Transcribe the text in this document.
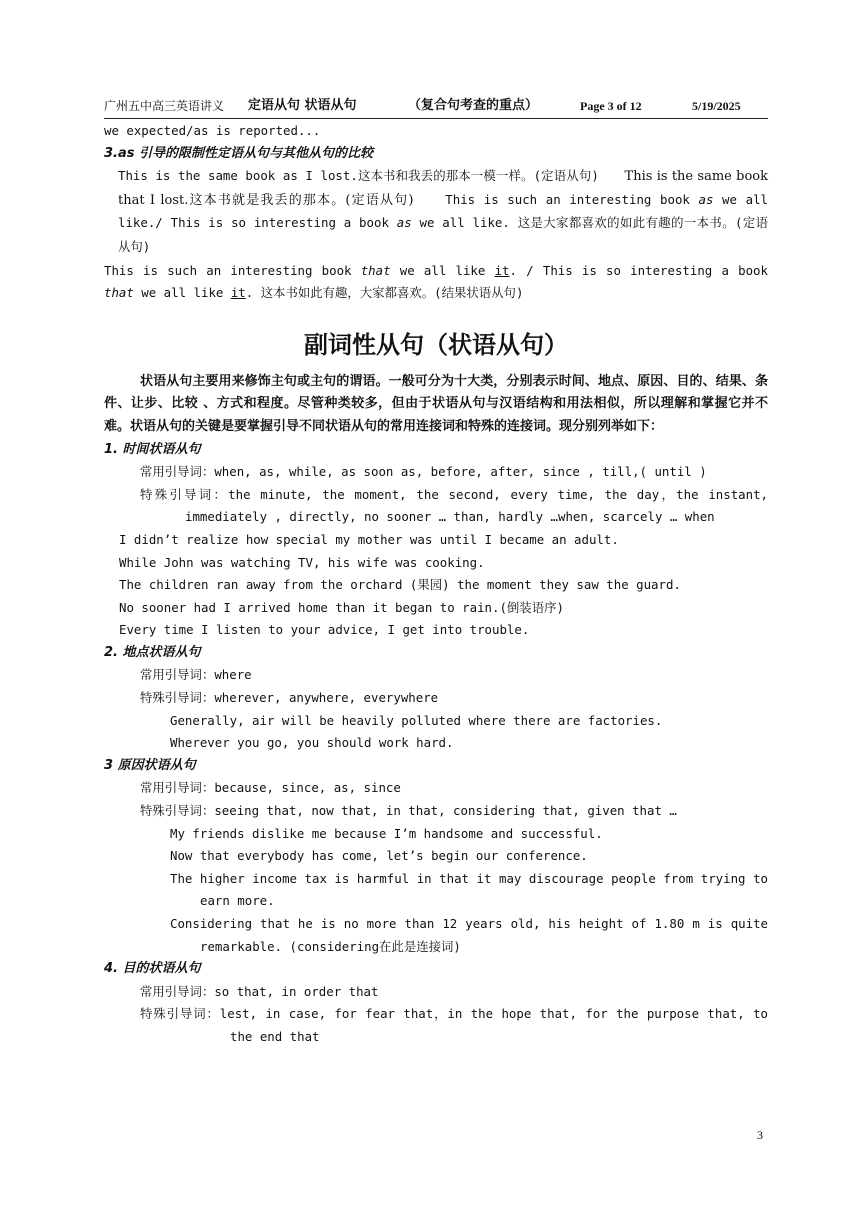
广州五中高三英语讲义 定语从句 状语从句	（复合句考查的重点）	Page 3 of 12	5/19/2025

we expected/as is reported...

3.as 引导的限制性定语从句与其他从句的比较

This is the same book as I lost.这本书和我丢的那本一模一样。(定语从句) This is the same book that I lost.这本书就是我丢的那本。(定语从句)	This is such an interesting book as we all like./ This is so interesting a book as we all like. 这是大家都喜欢的如此有趣的一本书。(定语从句)

This is such an interesting book that we all like it. / This is so interesting a book that we all like it. 这本书如此有趣，大家都喜欢。(结果状语从句)

副词性从句（状语从句）

状语从句主要用来修饰主句或主句的谓语。一般可分为十大类，分别表示时间、地点、原因、目的、结果、条件、让步、比较 、方式和程度。尽管种类较多，但由于状语从句与汉语结构和用法相似，所以理解和掌握它并不难。状语从句的关键是要掌握引导不同状语从句的常用连接词和特殊的连接词。现分别列举如下：

1. 时间状语从句

常用引导词：when, as, while, as soon as, before, after, since , till,( until )

特殊引导词：the minute, the moment, the second, every time, the day，the instant, immediately , directly, no sooner … than, hardly …when, scarcely … when

I didn’t realize how special my mother was until I became an adult.

While John was watching TV, his wife was cooking.

The children ran away from the orchard (果园) the moment they saw the guard.

No sooner had I arrived home than it began to rain.(倒装语序)

Every time I listen to your advice, I get into trouble.

2. 地点状语从句

常用引导词：where

特殊引导词：wherever, anywhere, everywhere

Generally, air will be heavily polluted where there are factories.

Wherever you go, you should work hard.

3 原因状语从句

常用引导词：because, since, as, since

特殊引导词：seeing that, now that, in that, considering that, given that …

My friends dislike me because I’m handsome and successful.

Now that everybody has come, let’s begin our conference.

The higher income tax is harmful in that it may discourage people from trying to earn more.

Considering that he is no more than 12 years old, his height of 1.80 m is quite remarkable. (considering在此是连接词)

4. 目的状语从句

常用引导词：so that, in order that

特殊引导词：lest, in case, for fear that，in the hope that, for the purpose that, to the end that

3
